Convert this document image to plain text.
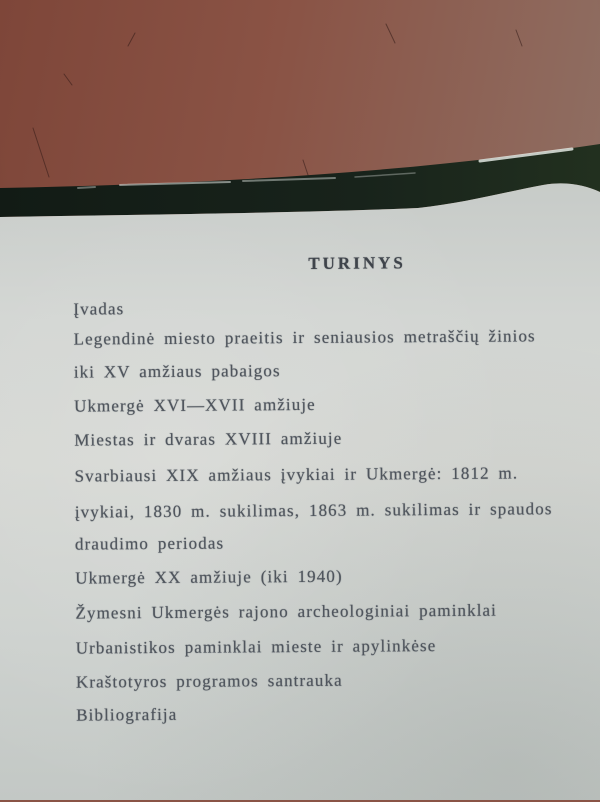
TURINYS
Įvadas
Legendinė miesto praeitis ir seniausios metraščių žinios
iki XV amžiaus pabaigos
Ukmergė XVI—XVII amžiuje
Miestas ir dvaras XVIII amžiuje
Svarbiausi XIX amžiaus įvykiai ir Ukmergė: 1812 m.
įvykiai, 1830 m. sukilimas, 1863 m. sukilimas ir spaudos
draudimo periodas
Ukmergė XX amžiuje (iki 1940)
Žymesni Ukmergės rajono archeologiniai paminklai
Urbanistikos paminklai mieste ir apylinkėse
Kraštotyros programos santrauka
Bibliografija
